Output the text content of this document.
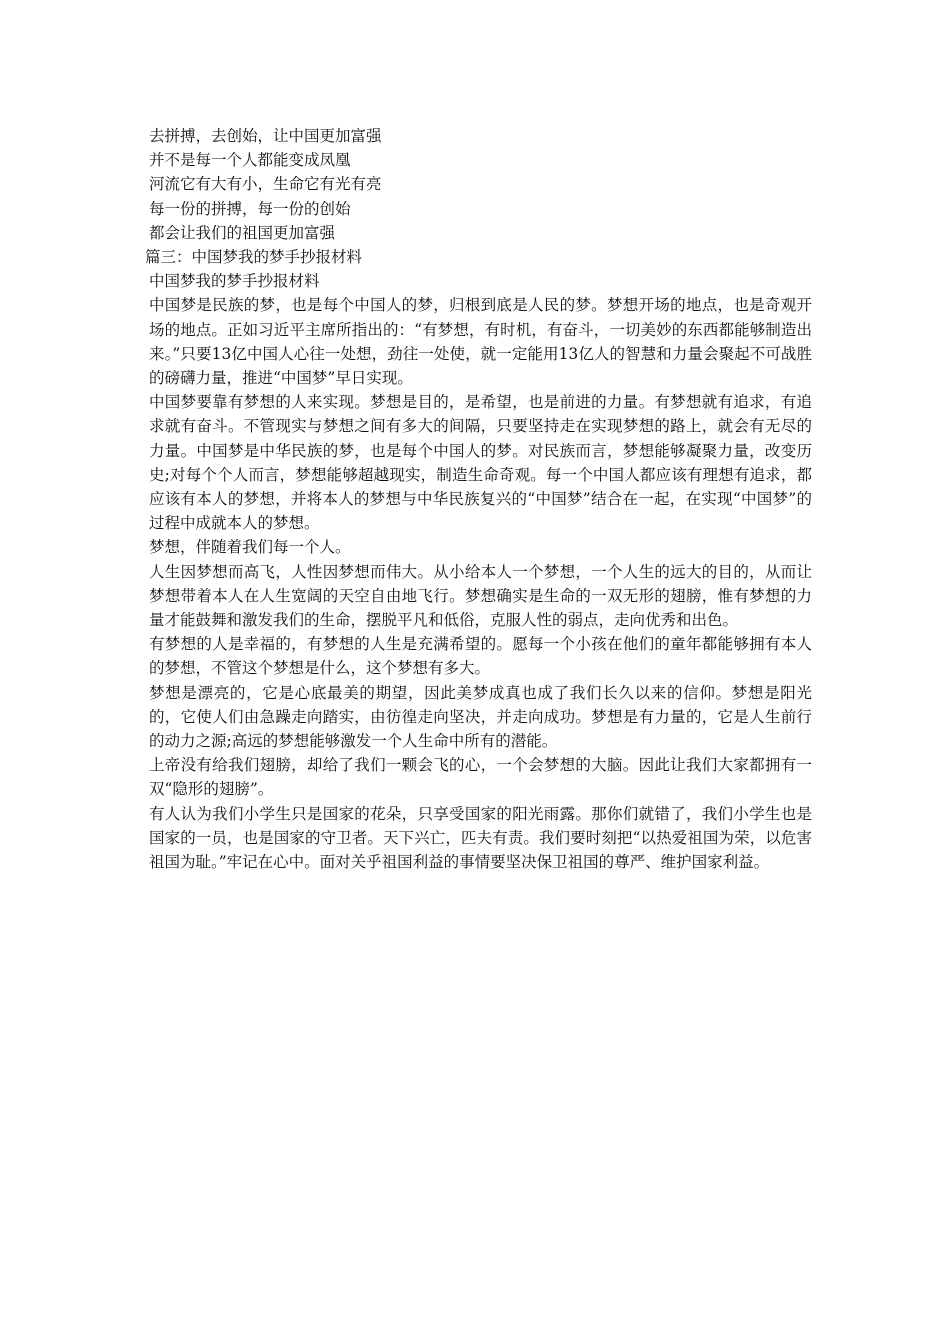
去拼搏，去创始，让中国更加富强
并不是每一个人都能变成凤凰
河流它有大有小，生命它有光有亮
每一份的拼搏，每一份的创始
都会让我们的祖国更加富强
篇三：中国梦我的梦手抄报材料
中国梦我的梦手抄报材料

中国梦是民族的梦，也是每个中国人的梦，归根到底是人民的梦。梦想开场的地点，也是奇观开场的地点。正如习近平主席所指出的：“有梦想，有时机，有奋斗，一切美妙的东西都能够制造出来。”只要13亿中国人心往一处想，劲往一处使，就一定能用13亿人的智慧和力量会聚起不可战胜的磅礴力量，推进“中国梦”早日实现。

中国梦要靠有梦想的人来实现。梦想是目的，是希望，也是前进的力量。有梦想就有追求，有追求就有奋斗。不管现实与梦想之间有多大的间隔，只要坚持走在实现梦想的路上，就会有无尽的力量。中国梦是中华民族的梦，也是每个中国人的梦。对民族而言，梦想能够凝聚力量，改变历史;对每个个人而言，梦想能够超越现实，制造生命奇观。每一个中国人都应该有理想有追求，都应该有本人的梦想，并将本人的梦想与中华民族复兴的“中国梦”结合在一起，在实现“中国梦”的过程中成就本人的梦想。

梦想，伴随着我们每一个人。

人生因梦想而高飞，人性因梦想而伟大。从小给本人一个梦想，一个人生的远大的目的，从而让梦想带着本人在人生宽阔的天空自由地飞行。梦想确实是生命的一双无形的翅膀，惟有梦想的力量才能鼓舞和激发我们的生命，摆脱平凡和低俗，克服人性的弱点，走向优秀和出色。

有梦想的人是幸福的，有梦想的人生是充满希望的。愿每一个小孩在他们的童年都能够拥有本人的梦想，不管这个梦想是什么，这个梦想有多大。

梦想是漂亮的，它是心底最美的期望，因此美梦成真也成了我们长久以来的信仰。梦想是阳光的，它使人们由急躁走向踏实，由彷徨走向坚决，并走向成功。梦想是有力量的，它是人生前行的动力之源;高远的梦想能够激发一个人生命中所有的潜能。

上帝没有给我们翅膀，却给了我们一颗会飞的心，一个会梦想的大脑。因此让我们大家都拥有一双“隐形的翅膀”。

有人认为我们小学生只是国家的花朵，只享受国家的阳光雨露。那你们就错了，我们小学生也是国家的一员，也是国家的守卫者。天下兴亡，匹夫有责。我们要时刻把“以热爱祖国为荣，以危害祖国为耻。”牢记在心中。面对关乎祖国利益的事情要坚决保卫祖国的尊严、维护国家利益。
